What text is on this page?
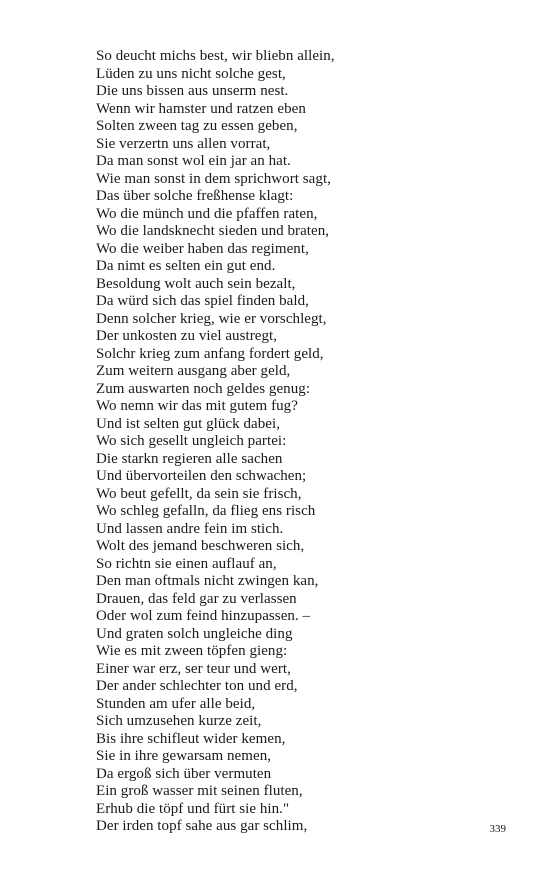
So deucht michs best, wir bliebn allein,
Lüden zu uns nicht solche gest,
Die uns bissen aus unserm nest.
Wenn wir hamster und ratzen eben
Solten zween tag zu essen geben,
Sie verzertn uns allen vorrat,
Da man sonst wol ein jar an hat.
Wie man sonst in dem sprichwort sagt,
Das über solche freßhense klagt:
Wo die münch und die pfaffen raten,
Wo die landsknecht sieden und braten,
Wo die weiber haben das regiment,
Da nimt es selten ein gut end.
Besoldung wolt auch sein bezalt,
Da würd sich das spiel finden bald,
Denn solcher krieg, wie er vorschlegt,
Der unkosten zu viel austregt,
Solchr krieg zum anfang fordert geld,
Zum weitern ausgang aber geld,
Zum auswarten noch geldes genug:
Wo nemn wir das mit gutem fug?
Und ist selten gut glück dabei,
Wo sich gesellt ungleich partei:
Die starkn regieren alle sachen
Und übervorteilen den schwachen;
Wo beut gefellt, da sein sie frisch,
Wo schleg gefalln, da flieg ens risch
Und lassen andre fein im stich.
Wolt des jemand beschweren sich,
So richtn sie einen auflauf an,
Den man oftmals nicht zwingen kan,
Drauen, das feld gar zu verlassen
Oder wol zum feind hinzupassen. –
Und graten solch ungleiche ding
Wie es mit zween töpfen gieng:
Einer war erz, ser teur und wert,
Der ander schlechter ton und erd,
Stunden am ufer alle beid,
Sich umzusehen kurze zeit,
Bis ihre schifleut wider kemen,
Sie in ihre gewarsam nemen,
Da ergoß sich über vermuten
Ein groß wasser mit seinen fluten,
Erhub die töpf und fürt sie hin."
Der irden topf sahe aus gar schlim,	339
